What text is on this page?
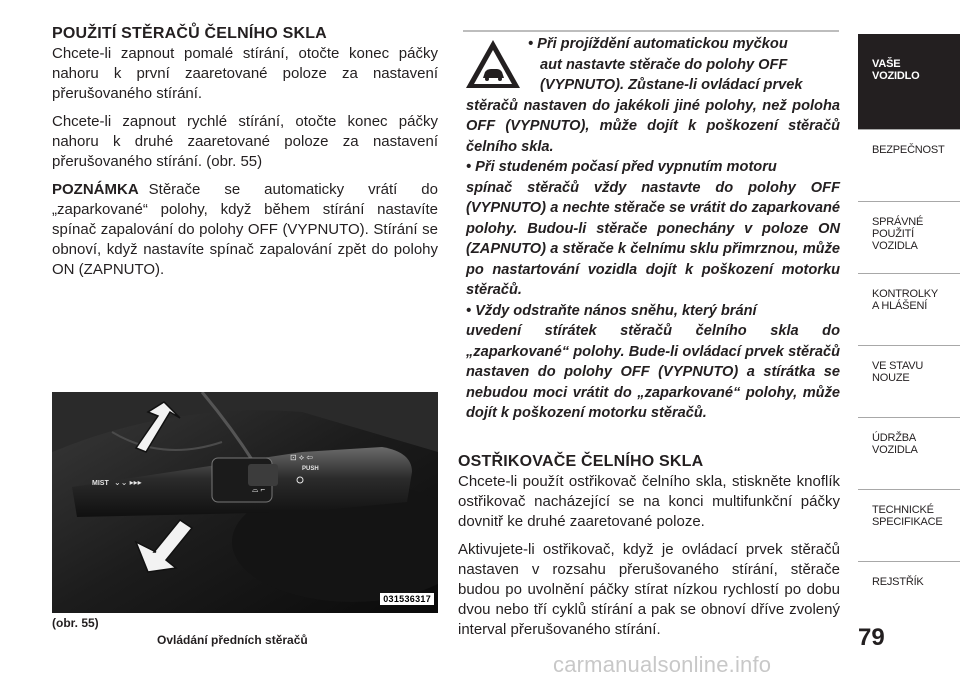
POUŽITÍ STĚRAČŮ ČELNÍHO SKLA

Chcete-li zapnout pomalé stírání, otočte konec páčky nahoru k první zaaretované poloze za nastavení přerušovaného stírání.

Chcete-li zapnout rychlé stírání, otočte konec páčky nahoru k druhé zaaretované poloze za nastavení přerušovaného stírání. (obr. 55)

POZNÁMKA Stěrače se automaticky vrátí do „zaparkované“ polohy, když během stírání nastavíte spínač zapalování do polohy OFF (VYPNUTO). Stírání se obnoví, když nastavíte spínač zapalování zpět do polohy ON (ZAPNUTO).

MIST ⌄⌄ ▸▸▸
PUSH
⊡ ⟡ ⇦
⌓ ⌐
031536317
(obr. 55)
Ovládání předních stěračů
• Při projíždění automatickou myčkou
aut nastavte stěrače do polohy OFF
(VYPNUTO). Zůstane-li ovládací prvek
stěračů nastaven do jakékoli jiné polohy, než poloha OFF (VYPNUTO), může dojít k poškození stěračů čelního skla.
• Při studeném počasí před vypnutím motoru
spínač stěračů vždy nastavte do polohy OFF (VYPNUTO) a nechte stěrače se vrátit do zaparkované polohy. Budou-li stěrače ponechány v poloze ON (ZAPNUTO) a stěrače k čelnímu sklu přimrznou, může po nastartování vozidla dojít k poškození motorku stěračů.
• Vždy odstraňte nános sněhu, který brání
uvedení stírátek stěračů čelního skla do „zaparkované“ polohy. Bude-li ovládací prvek stěračů nastaven do polohy OFF (VYPNUTO) a stírátka se nebudou moci vrátit do „zaparkované“ polohy, může dojít k poškození motorku stěračů.
OSTŘIKOVAČE ČELNÍHO SKLA

Chcete-li použít ostřikovač čelního skla, stiskněte knoflík ostřikovač nacházející se na konci multifunkční páčky dovnitř ke druhé zaaretované poloze.

Aktivujete-li ostřikovač, když je ovládací prvek stěračů nastaven v rozsahu přerušovaného stírání, stěrače budou po uvolnění páčky stírat nízkou rychlostí po dobu dvou nebo tří cyklů stírání a pak se obnoví dříve zvolený interval přerušovaného stírání.	79
VAŠE
VOZIDLO
BEZPEČNOST
SPRÁVNÉ
POUŽITÍ
VOZIDLA
KONTROLKY
A HLÁŠENÍ
VE STAVU
NOUZE
ÚDRŽBA
VOZIDLA
TECHNICKÉ
SPECIFIKACE
REJSTŘÍK
carmanualsonline.info
